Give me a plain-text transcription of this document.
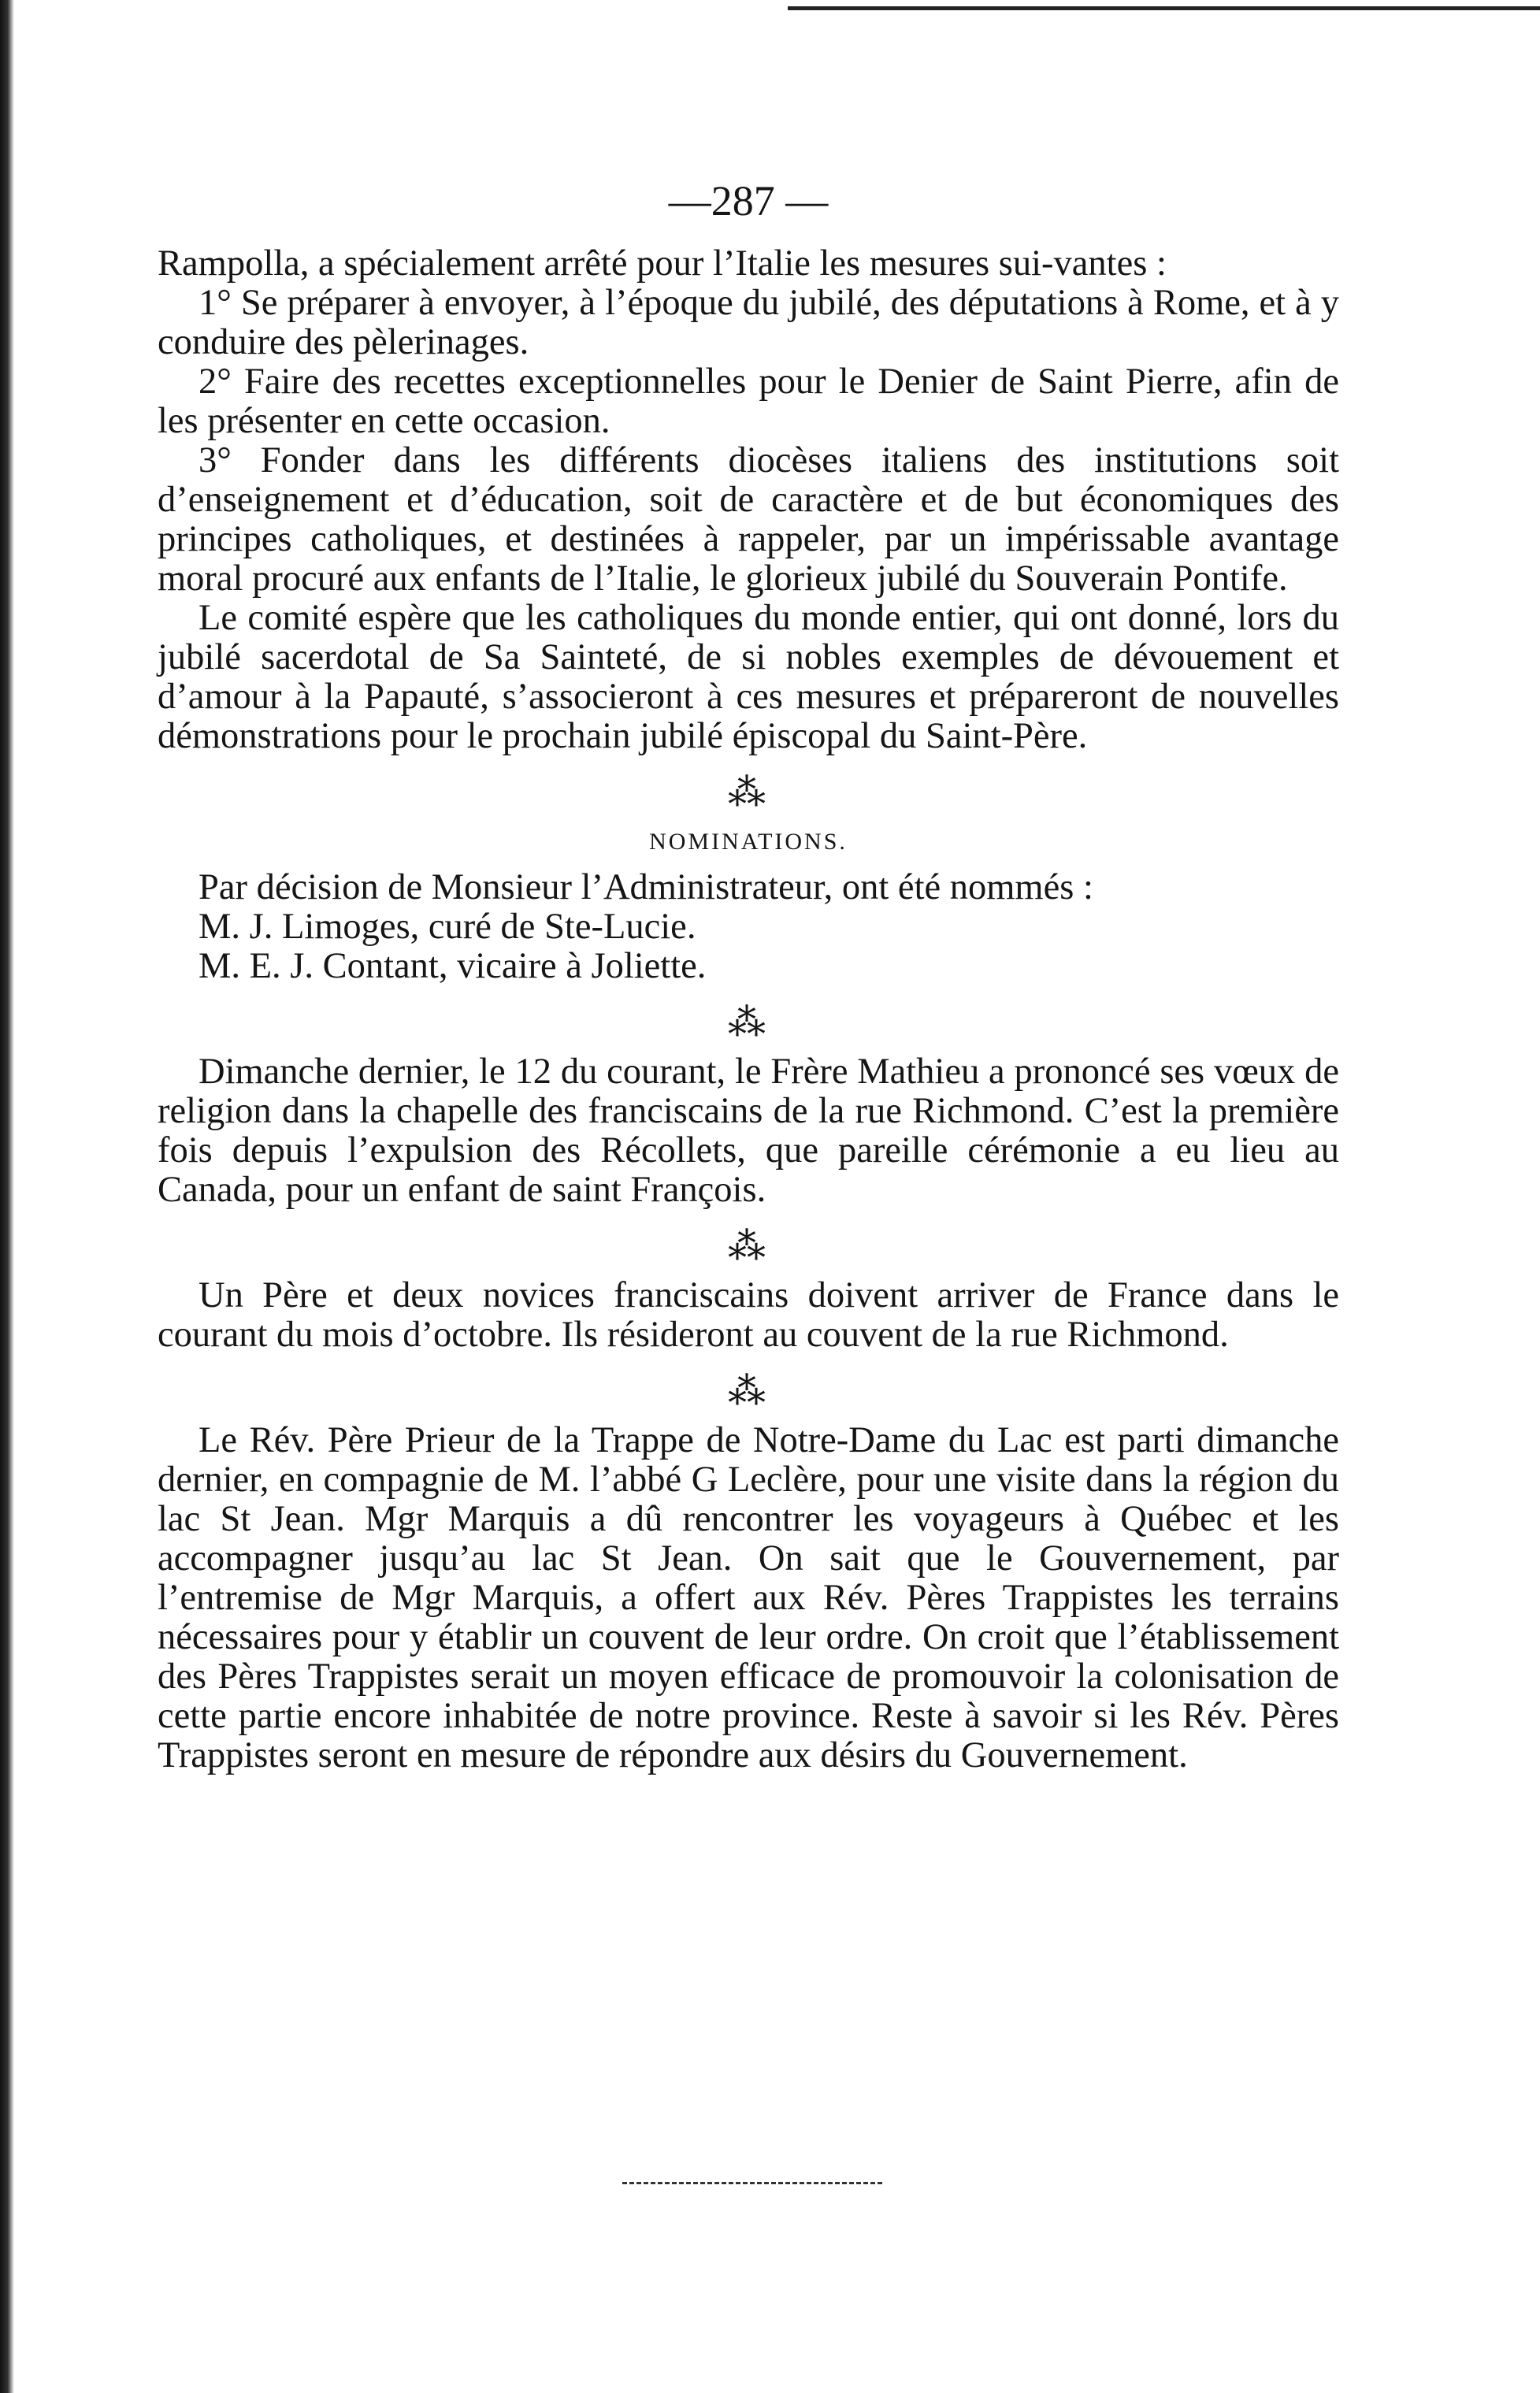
—287 —

Rampolla, a spécialement arrêté pour l’Italie les mesures sui-vantes :

1° Se préparer à envoyer, à l’époque du jubilé, des députations à Rome, et à y conduire des pèlerinages.

2° Faire des recettes exceptionnelles pour le Denier de Saint Pierre, afin de les présenter en cette occasion.

3° Fonder dans les différents diocèses italiens des institutions soit d’enseignement et d’éducation, soit de caractère et de but économiques des principes catholiques, et destinées à rappeler, par un impérissable avantage moral procuré aux enfants de l’Italie, le glorieux jubilé du Souverain Pontife.

Le comité espère que les catholiques du monde entier, qui ont donné, lors du jubilé sacerdotal de Sa Sainteté, de si nobles exemples de dévouement et d’amour à la Papauté, s’associeront à ces mesures et prépareront de nouvelles démonstrations pour le prochain jubilé épiscopal du Saint-Père.

⁂
NOMINATIONS.

Par décision de Monsieur l’Administrateur, ont été nommés :

M. J. Limoges, curé de Ste-Lucie.

M. E. J. Contant, vicaire à Joliette.

⁂

Dimanche dernier, le 12 du courant, le Frère Mathieu a prononcé ses vœux de religion dans la chapelle des franciscains de la rue Richmond. C’est la première fois depuis l’expulsion des Récollets, que pareille cérémonie a eu lieu au Canada, pour un enfant de saint François.

⁂

Un Père et deux novices franciscains doivent arriver de France dans le courant du mois d’octobre. Ils résideront au couvent de la rue Richmond.

⁂

Le Rév. Père Prieur de la Trappe de Notre-Dame du Lac est parti dimanche dernier, en compagnie de M. l’abbé G Leclère, pour une visite dans la région du lac St Jean. Mgr Marquis a dû rencontrer les voyageurs à Québec et les accompagner jusqu’au lac St Jean. On sait que le Gouvernement, par l’entremise de Mgr Marquis, a offert aux Rév. Pères Trappistes les terrains nécessaires pour y établir un couvent de leur ordre. On croit que l’établissement des Pères Trappistes serait un moyen efficace de promouvoir la colonisation de cette partie encore inhabitée de notre province. Reste à savoir si les Rév. Pères Trappistes seront en mesure de répondre aux désirs du Gouvernement.
